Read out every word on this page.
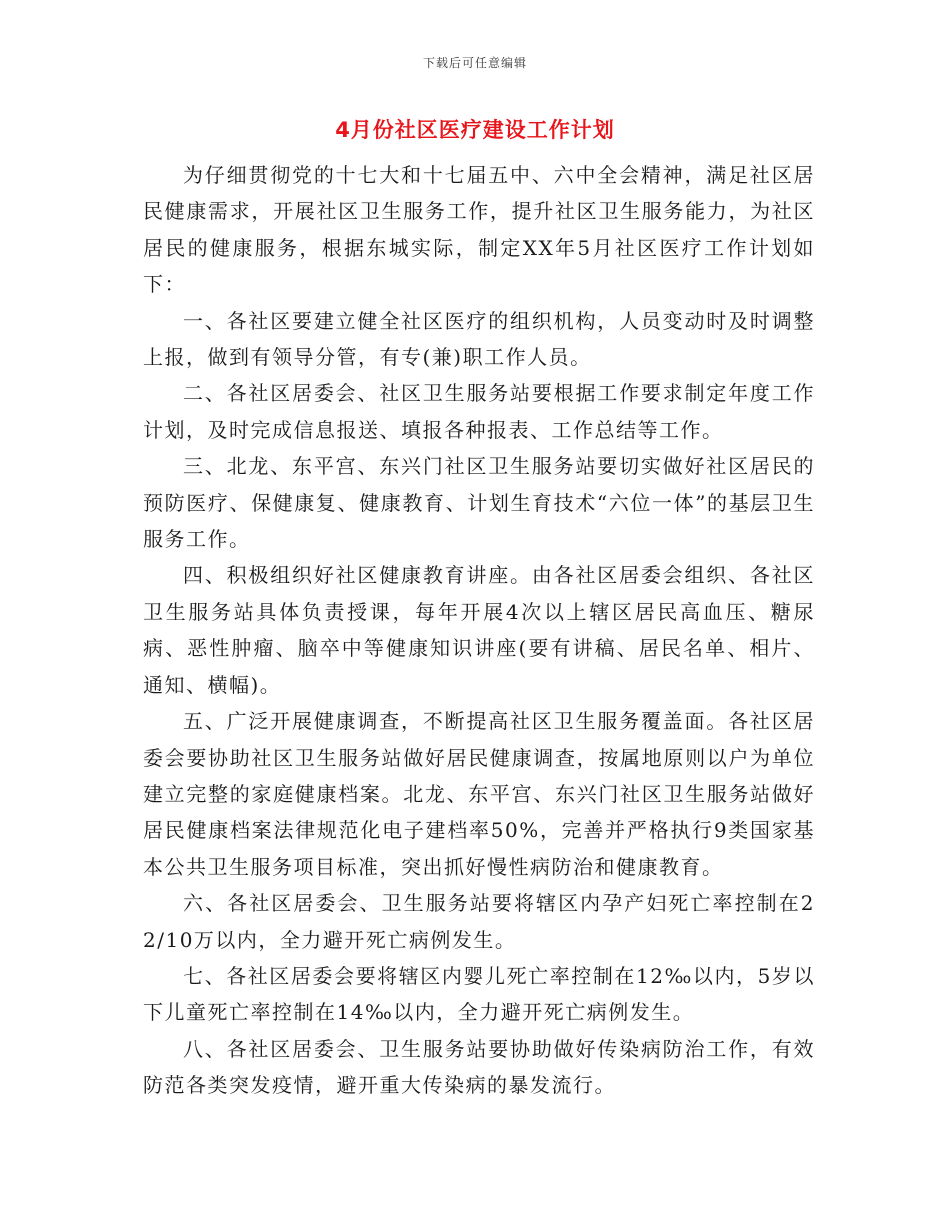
下载后可任意编辑
4月份社区医疗建设工作计划

为仔细贯彻党的十七大和十七届五中、六中全会精神，满足社区居民健康需求，开展社区卫生服务工作，提升社区卫生服务能力，为社区居民的健康服务，根据东城实际，制定XX年5月社区医疗工作计划如下：

一、各社区要建立健全社区医疗的组织机构，人员变动时及时调整上报，做到有领导分管，有专(兼)职工作人员。

二、各社区居委会、社区卫生服务站要根据工作要求制定年度工作计划，及时完成信息报送、填报各种报表、工作总结等工作。

三、北龙、东平宫、东兴门社区卫生服务站要切实做好社区居民的预防医疗、保健康复、健康教育、计划生育技术“六位一体”的基层卫生服务工作。

四、积极组织好社区健康教育讲座。由各社区居委会组织、各社区卫生服务站具体负责授课，每年开展4次以上辖区居民高血压、糖尿病、恶性肿瘤、脑卒中等健康知识讲座(要有讲稿、居民名单、相片、通知、横幅)。

五、广泛开展健康调查，不断提高社区卫生服务覆盖面。各社区居委会要协助社区卫生服务站做好居民健康调查，按属地原则以户为单位建立完整的家庭健康档案。北龙、东平宫、东兴门社区卫生服务站做好居民健康档案法律规范化电子建档率50%，完善并严格执行9类国家基本公共卫生服务项目标准，突出抓好慢性病防治和健康教育。

六、各社区居委会、卫生服务站要将辖区内孕产妇死亡率控制在22/10万以内，全力避开死亡病例发生。

七、各社区居委会要将辖区内婴儿死亡率控制在12‰以内，5岁以下儿童死亡率控制在14‰以内，全力避开死亡病例发生。

八、各社区居委会、卫生服务站要协助做好传染病防治工作，有效防范各类突发疫情，避开重大传染病的暴发流行。
